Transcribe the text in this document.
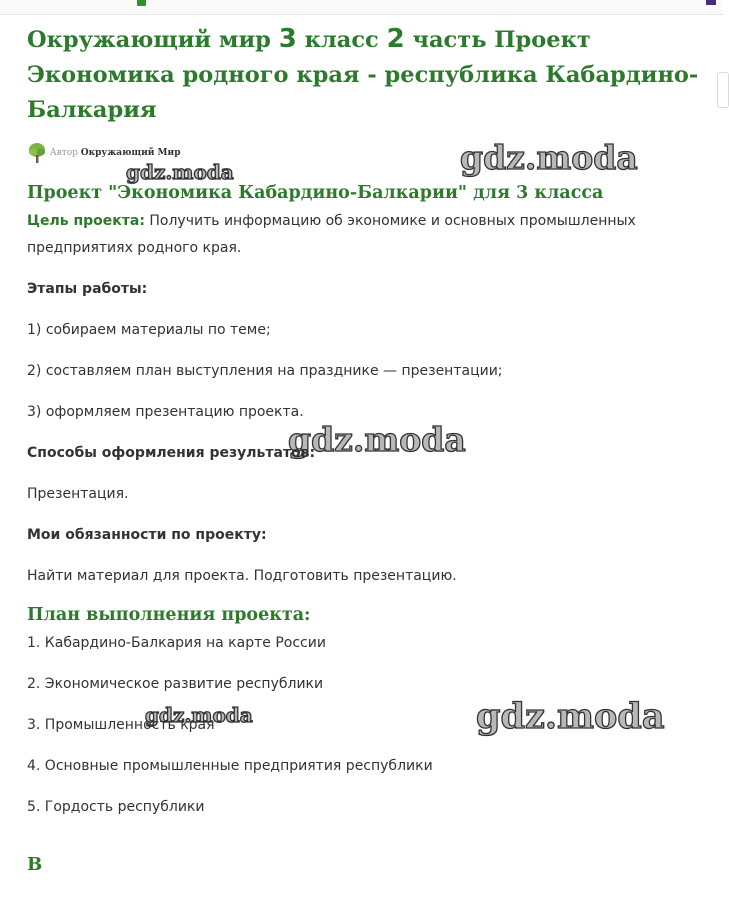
Окружающий мир 3 класс 2 часть Проект Экономика родного края - республика Кабардино-Балкария
Автор Окружающий Мир	gdz.moda
gdz.moda
gdz.moda
gdz.moda	gdz.moda
Проект "Экономика Кабардино-Балкарии" для 3 класса

Цель проекта: Получить информацию об экономике и основных промышленных предприятиях родного края.

Этапы работы:

1) собираем материалы по теме;

2) составляем план выступления на празднике — презентации;

3) оформляем презентацию проекта.

Способы оформления результатов:

Презентация.

Мои обязанности по проекту:

Найти материал для проекта. Подготовить презентацию.

План выполнения проекта:

1. Кабардино-Балкария на карте России

2. Экономическое развитие республики

3. Промышленность края

4. Основные промышленные предприятия республики

5. Гордость республики

В
